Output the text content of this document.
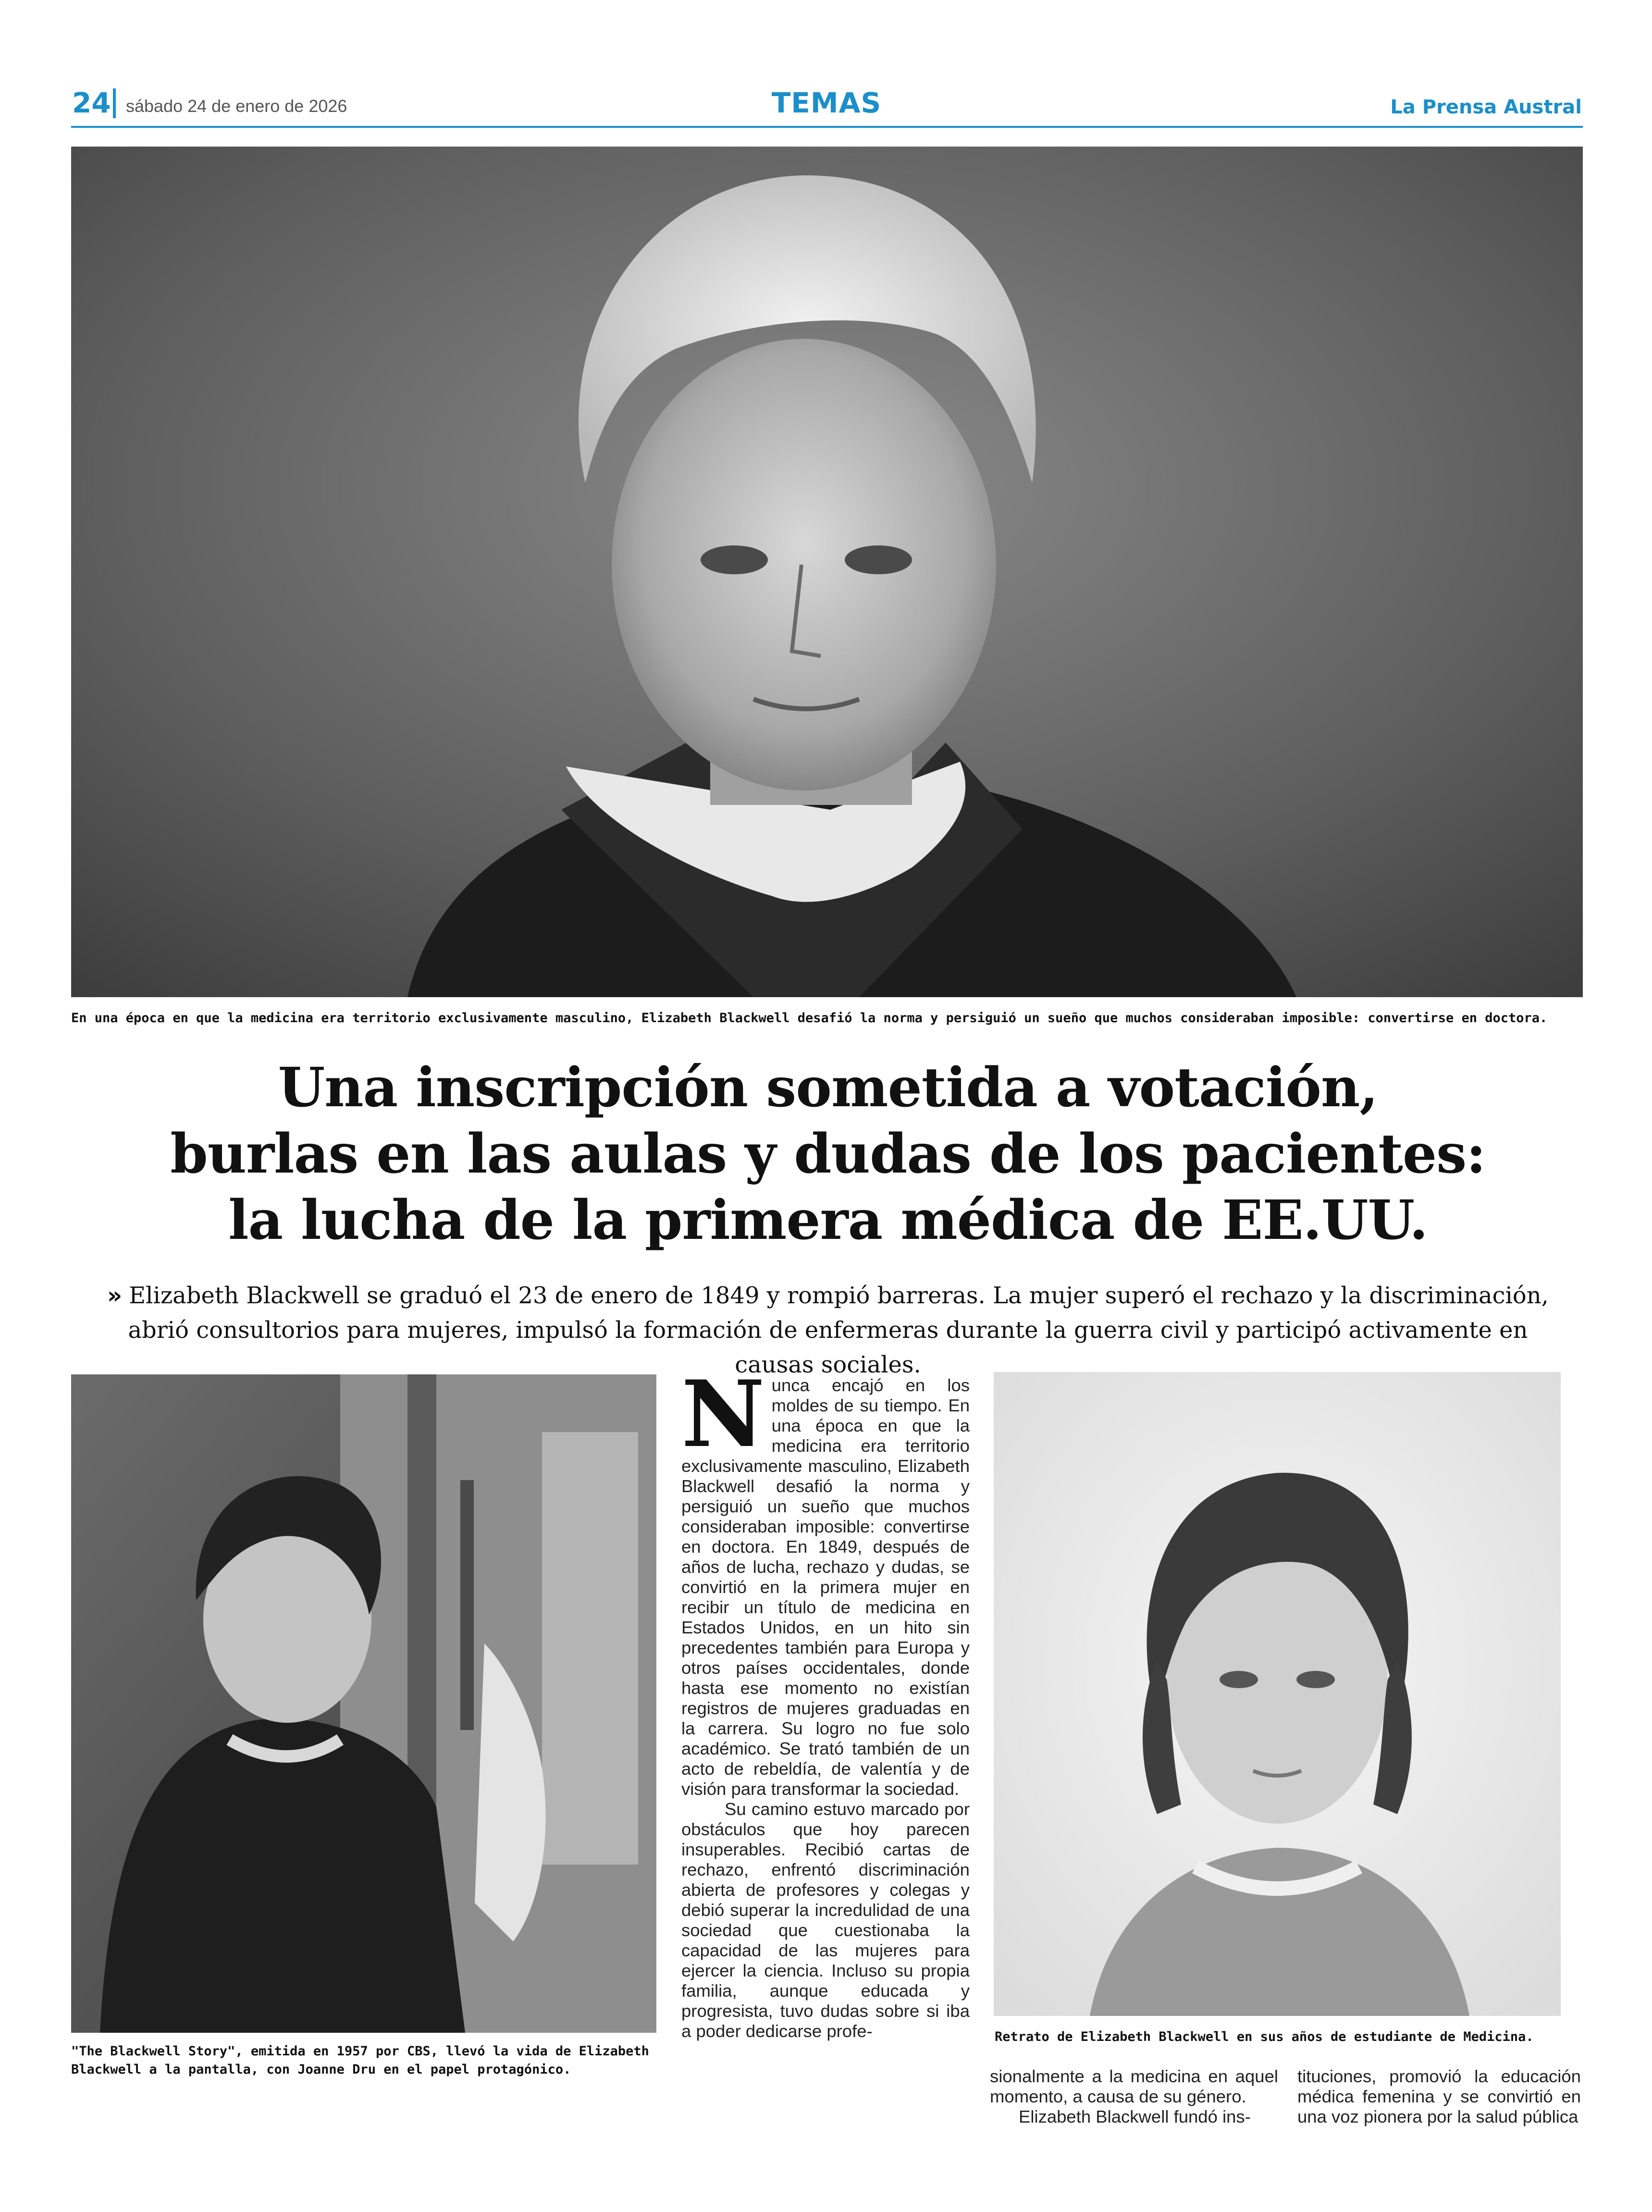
24 sábado 24 de enero de 2026	TEMAS	La Prensa Austral
En una época en que la medicina era territorio exclusivamente masculino, Elizabeth Blackwell desafió la norma y persiguió un sueño que muchos consideraban imposible: convertirse en doctora.
Una inscripción sometida a votación,
burlas en las aulas y dudas de los pacientes:
la lucha de la primera médica de EE.UU.
» Elizabeth Blackwell se graduó el 23 de enero de 1849 y rompió barreras. La mujer superó el rechazo y la discriminación, abrió consultorios para mujeres, impulsó la formación de enfermeras durante la guerra civil y participó activamente en causas sociales.
"The Blackwell Story", emitida en 1957 por CBS, llevó la vida de Elizabeth Blackwell a la pantalla, con Joanne Dru en el papel protagónico.
Retrato de Elizabeth Blackwell en sus años de estudiante de Medicina.
N unca encajó en los moldes de su tiempo. En una época en que la medicina era territorio exclusivamente masculino, Elizabeth Blackwell desafió la norma y persiguió un sueño que muchos consideraban imposible: convertirse en doctora. En 1849, después de años de lucha, rechazo y dudas, se convirtió en la primera mujer en recibir un título de medicina en Estados Unidos, en un hito sin precedentes también para Europa y otros países occidentales, donde hasta ese momento no existían registros de mujeres graduadas en la carrera. Su logro no fue solo académico. Se trató también de un acto de rebeldía, de valentía y de visión para transformar la sociedad.

Su camino estuvo marcado por obstáculos que hoy parecen insuperables. Recibió cartas de rechazo, enfrentó discriminación abierta de profesores y colegas y debió superar la incredulidad de una sociedad que cuestionaba la capacidad de las mujeres para ejercer la ciencia. Incluso su propia familia, aunque educada y progresista, tuvo dudas sobre si iba a poder dedicarse profe-

sionalmente a la medicina en aquel momento, a causa de su género.

Elizabeth Blackwell fundó ins-

tituciones, promovió la educación médica femenina y se convirtió en una voz pionera por la salud pública
